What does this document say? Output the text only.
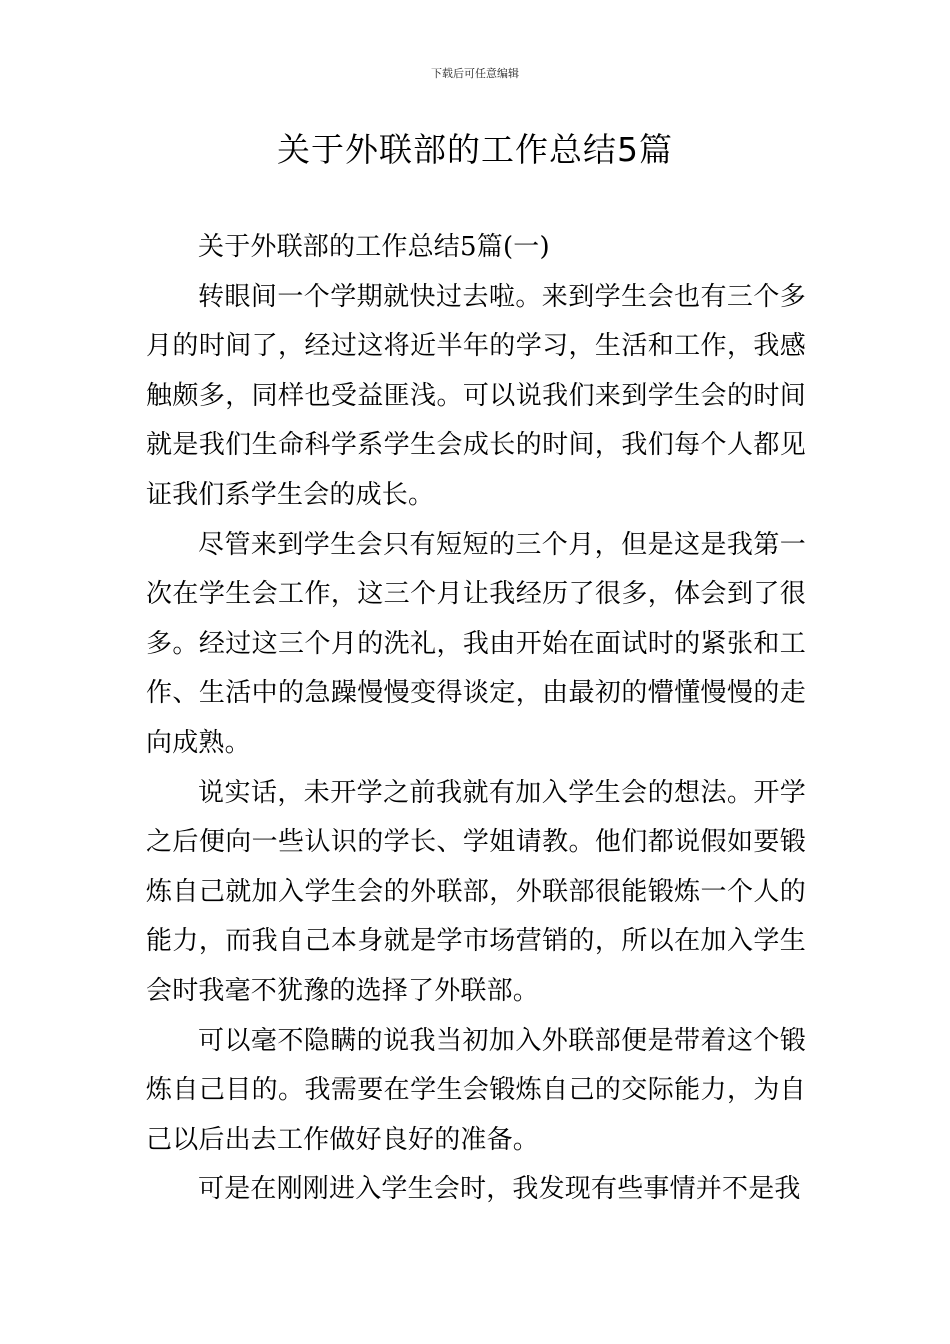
下载后可任意编辑
关于外联部的工作总结5篇

关于外联部的工作总结5篇(一)

转眼间一个学期就快过去啦。来到学生会也有三个多月的时间了，经过这将近半年的学习，生活和工作，我感触颇多，同样也受益匪浅。可以说我们来到学生会的时间就是我们生命科学系学生会成长的时间，我们每个人都见证我们系学生会的成长。

尽管来到学生会只有短短的三个月，但是这是我第一次在学生会工作，这三个月让我经历了很多，体会到了很多。经过这三个月的洗礼，我由开始在面试时的紧张和工作、生活中的急躁慢慢变得谈定，由最初的懵懂慢慢的走向成熟。

说实话，未开学之前我就有加入学生会的想法。开学之后便向一些认识的学长、学姐请教。他们都说假如要锻炼自己就加入学生会的外联部，外联部很能锻炼一个人的能力，而我自己本身就是学市场营销的，所以在加入学生会时我毫不犹豫的选择了外联部。

可以毫不隐瞒的说我当初加入外联部便是带着这个锻炼自己目的。我需要在学生会锻炼自己的交际能力，为自己以后出去工作做好良好的准备。

可是在刚刚进入学生会时，我发现有些事情并不是我
